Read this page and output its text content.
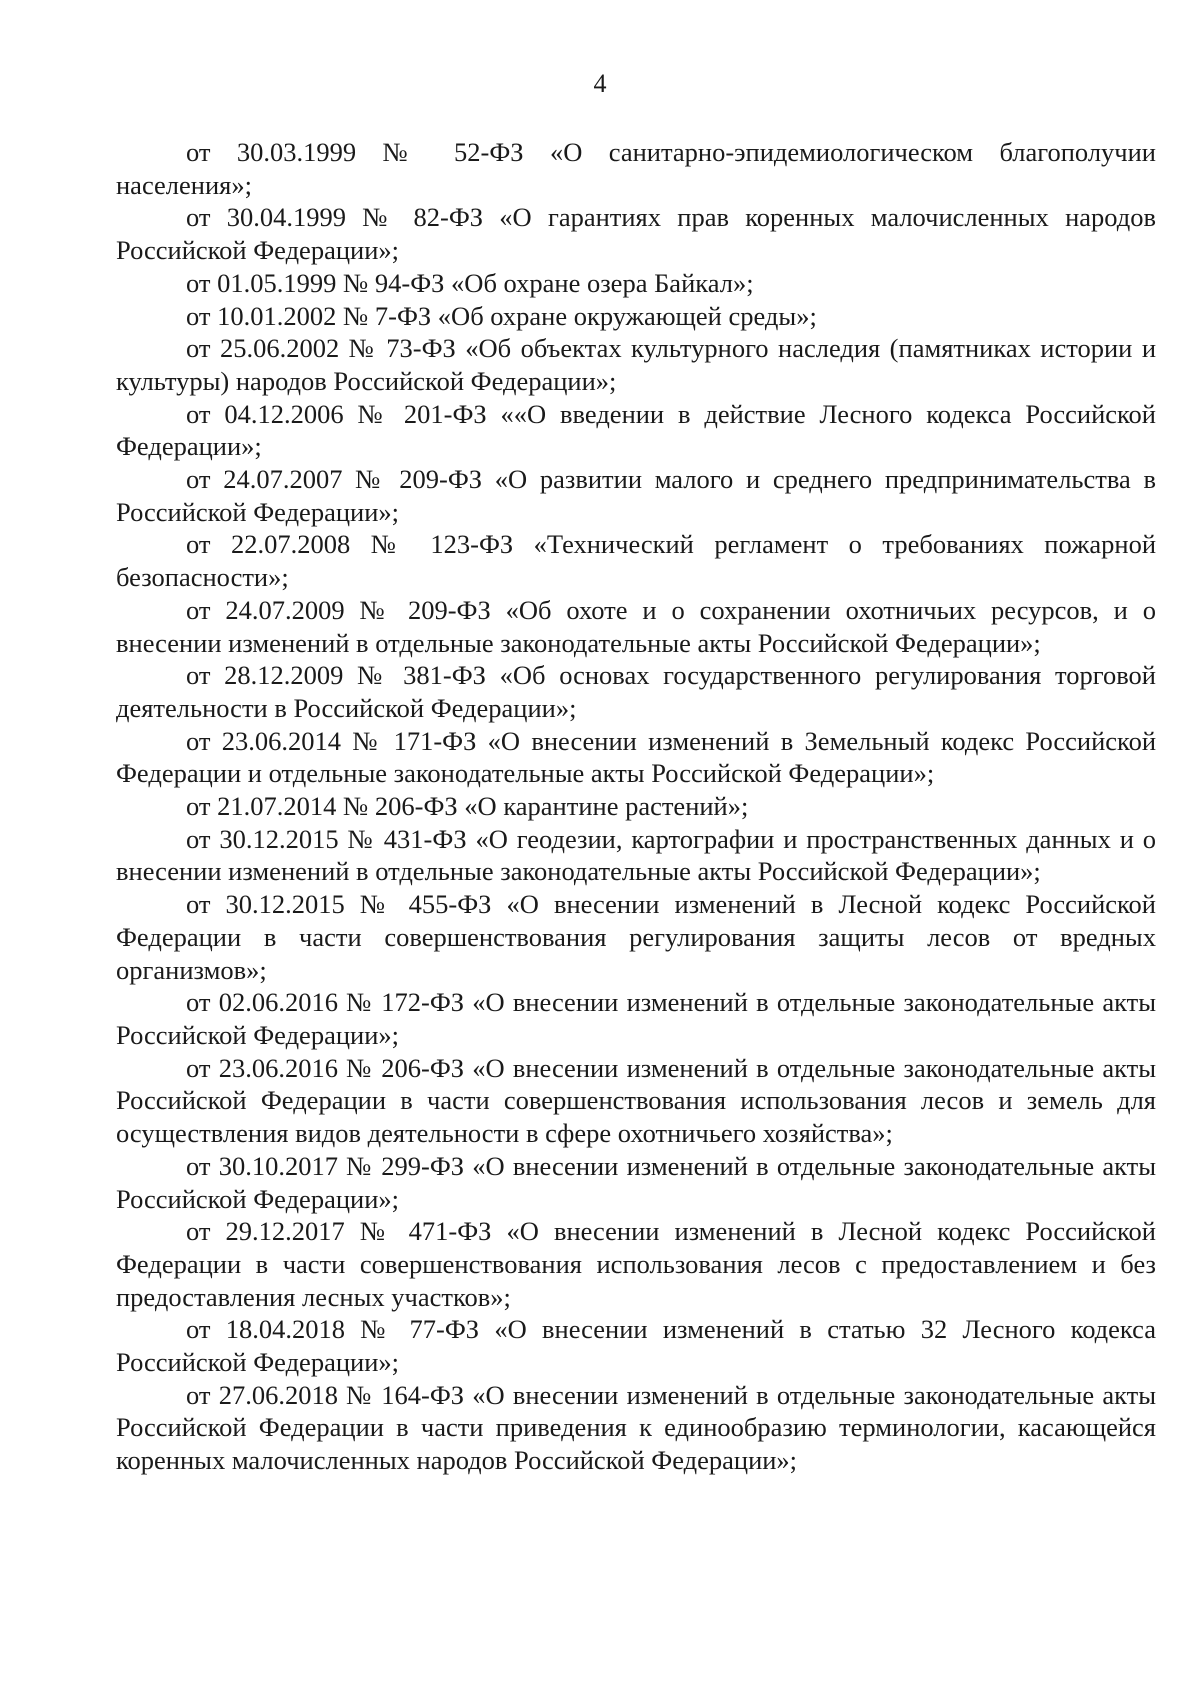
4

от 30.03.1999 № 52-ФЗ «О санитарно-эпидемиологическом благополучии населения»;

от 30.04.1999 № 82-ФЗ «О гарантиях прав коренных малочисленных народов Российской Федерации»;

от 01.05.1999 № 94-ФЗ «Об охране озера Байкал»;

от 10.01.2002 № 7-ФЗ «Об охране окружающей среды»;

от 25.06.2002 № 73-ФЗ «Об объектах культурного наследия (памятниках истории и культуры) народов Российской Федерации»;

от 04.12.2006 № 201-ФЗ ««О введении в действие Лесного кодекса Российской Федерации»;

от 24.07.2007 № 209-ФЗ «О развитии малого и среднего предпринимательства в Российской Федерации»;

от 22.07.2008 № 123-ФЗ «Технический регламент о требованиях пожарной безопасности»;

от 24.07.2009 № 209-ФЗ «Об охоте и о сохранении охотничьих ресурсов, и о внесении изменений в отдельные законодательные акты Российской Федерации»;

от 28.12.2009 № 381-ФЗ «Об основах государственного регулирования торговой деятельности в Российской Федерации»;

от 23.06.2014 № 171-ФЗ «О внесении изменений в Земельный кодекс Российской Федерации и отдельные законодательные акты Российской Федерации»;

от 21.07.2014 № 206-ФЗ «О карантине растений»;

от 30.12.2015 № 431-ФЗ «О геодезии, картографии и пространственных данных и о внесении изменений в отдельные законодательные акты Российской Федерации»;

от 30.12.2015 № 455-ФЗ «О внесении изменений в Лесной кодекс Российской Федерации в части совершенствования регулирования защиты лесов от вредных организмов»;

от 02.06.2016 № 172-ФЗ «О внесении изменений в отдельные законодательные акты Российской Федерации»;

от 23.06.2016 № 206-ФЗ «О внесении изменений в отдельные законодательные акты Российской Федерации в части совершенствования использования лесов и земель для осуществления видов деятельности в сфере охотничьего хозяйства»;

от 30.10.2017 № 299-ФЗ «О внесении изменений в отдельные законодательные акты Российской Федерации»;

от 29.12.2017 № 471-ФЗ «О внесении изменений в Лесной кодекс Российской Федерации в части совершенствования использования лесов с предоставлением и без предоставления лесных участков»;

от 18.04.2018 № 77-ФЗ «О внесении изменений в статью 32 Лесного кодекса Российской Федерации»;

от 27.06.2018 № 164-ФЗ «О внесении изменений в отдельные законодательные акты Российской Федерации в части приведения к единообразию терминологии, касающейся коренных малочисленных народов Российской Федерации»;
